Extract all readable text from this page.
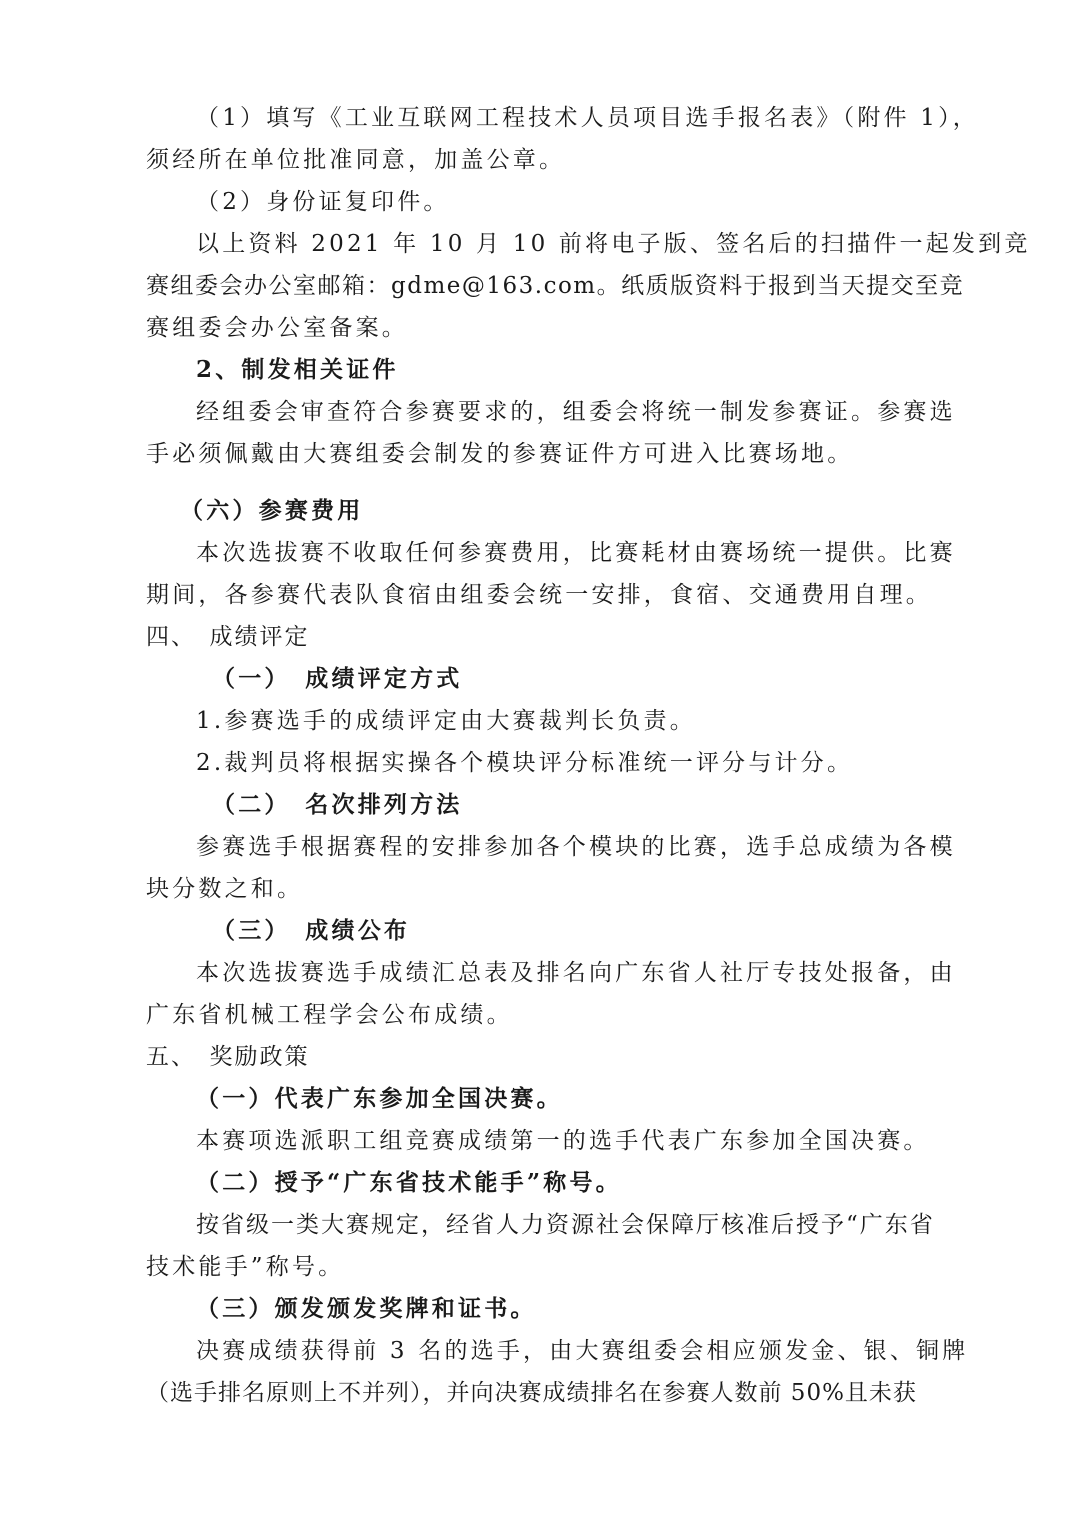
（1）填写《工业互联网工程技术人员项目选手报名表》（附件 1），
须经所在单位批准同意，加盖公章。
（2）身份证复印件。
以上资料 2021 年 10 月 10 前将电子版、签名后的扫描件一起发到竞
赛组委会办公室邮箱：gdme@163.com。纸质版资料于报到当天提交至竞
赛组委会办公室备案。
2、制发相关证件
经组委会审查符合参赛要求的，组委会将统一制发参赛证。参赛选
手必须佩戴由大赛组委会制发的参赛证件方可进入比赛场地。
（六）参赛费用
本次选拔赛不收取任何参赛费用，比赛耗材由赛场统一提供。比赛
期间，各参赛代表队食宿由组委会统一安排，食宿、交通费用自理。
四、　成绩评定
（一）　成绩评定方式
1.参赛选手的成绩评定由大赛裁判长负责。
2.裁判员将根据实操各个模块评分标准统一评分与计分。
（二）　名次排列方法
参赛选手根据赛程的安排参加各个模块的比赛，选手总成绩为各模
块分数之和。
（三）　成绩公布
本次选拔赛选手成绩汇总表及排名向广东省人社厅专技处报备，由
广东省机械工程学会公布成绩。
五、　奖励政策
（一）代表广东参加全国决赛。
本赛项选派职工组竞赛成绩第一的选手代表广东参加全国决赛。
（二）授予“广东省技术能手”称号。
按省级一类大赛规定，经省人力资源社会保障厅核准后授予“广东省
技术能手”称号。
（三）颁发颁发奖牌和证书。
决赛成绩获得前 3 名的选手，由大赛组委会相应颁发金、银、铜牌
（选手排名原则上不并列），并向决赛成绩排名在参赛人数前 50%且未获
